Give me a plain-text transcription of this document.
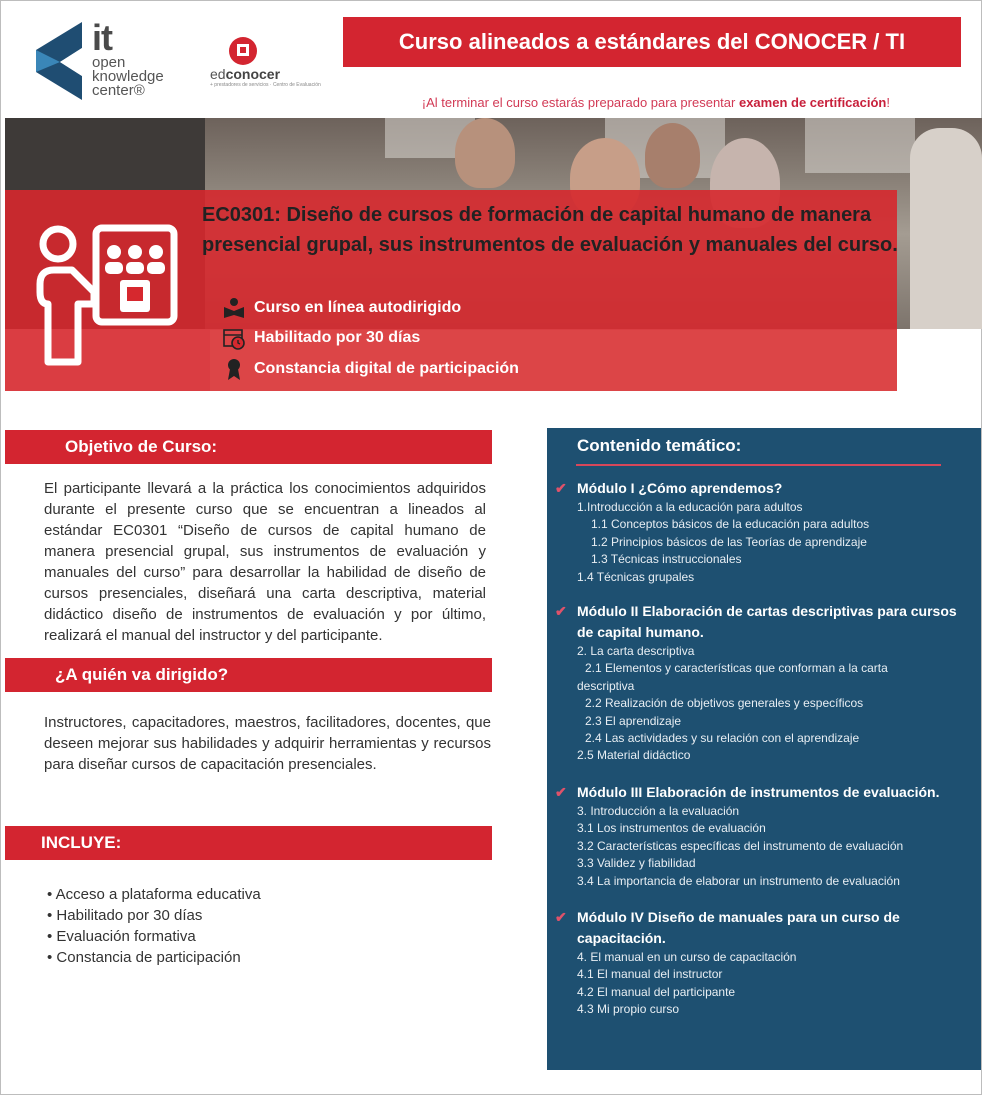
it
open
knowledge
center®
edconocer
+ prestadores de servicios · Centro de Evaluación
Curso alineados a estándares del CONOCER / TI
¡Al terminar el curso estarás preparado para presentar examen de certificación!
EC0301: Diseño de cursos de formación de capital humano de manera presencial grupal, sus instrumentos de evaluación y manuales del curso.
Curso en línea autodirigido
Habilitado por 30 días
Constancia digital de participación
Objetivo de Curso:
El participante llevará a la práctica los conocimientos adquiridos durante el presente curso que se encuentran a lineados al estándar EC0301 “Diseño de cursos de capital humano de manera presencial grupal, sus instrumentos de evaluación y manuales del curso” para desarrollar la habilidad de diseño de cursos presenciales, diseñará una carta descriptiva, material didáctico diseño de instrumentos de evaluación y por último, realizará el manual del instructor y del participante.
¿A quién va dirigido?
Instructores, capacitadores, maestros, facilitadores, docentes, que deseen mejorar sus habilidades y adquirir herramientas y recursos para diseñar cursos de capacitación presenciales.
INCLUYE:
• Acceso a plataforma educativa
• Habilitado por 30 días
• Evaluación formativa
• Constancia de participación
Contenido temático:
✔ Módulo I ¿Cómo aprendemos?
1.Introducción a la educación para adultos
1.1 Conceptos básicos de la educación para adultos
1.2 Principios básicos de las Teorías de aprendizaje
1.3 Técnicas instruccionales
1.4 Técnicas grupales
✔ Módulo II Elaboración de cartas descriptivas para cursos de capital humano.
2. La carta descriptiva
2.1 Elementos y características que conforman a la carta
descriptiva
2.2 Realización de objetivos generales y específicos
2.3 El aprendizaje
2.4 Las actividades y su relación con el aprendizaje
2.5 Material didáctico
✔ Módulo III Elaboración de instrumentos de evaluación.
3. Introducción a la evaluación
3.1 Los instrumentos de evaluación
3.2 Características específicas del instrumento de evaluación
3.3 Validez y fiabilidad
3.4 La importancia de elaborar un instrumento de evaluación
✔ Módulo IV Diseño de manuales para un curso de capacitación.
4. El manual en un curso de capacitación
4.1 El manual del instructor
4.2 El manual del participante
4.3 Mi propio curso
